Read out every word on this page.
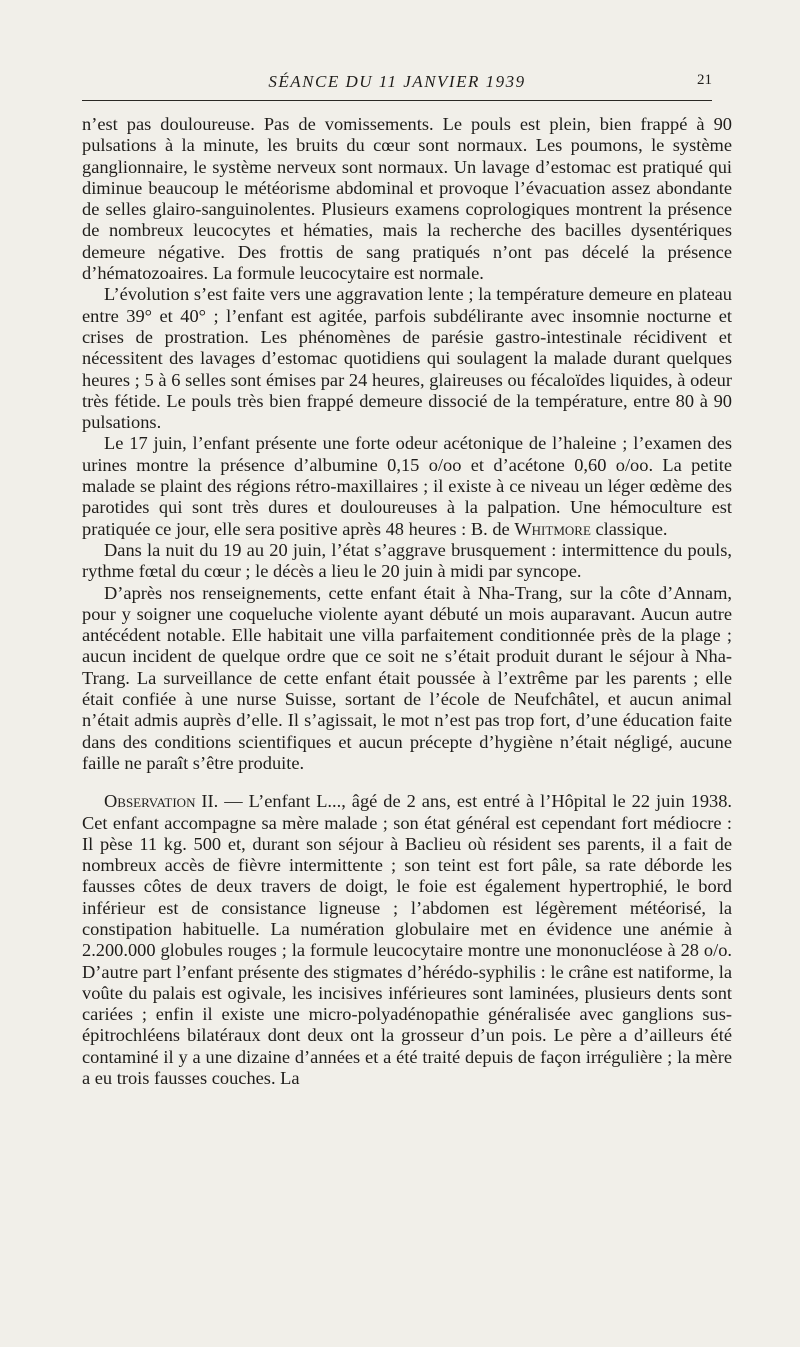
SÉANCE DU 11 JANVIER 1939	21

n’est pas douloureuse. Pas de vomissements. Le pouls est plein, bien frappé à 90 pulsations à la minute, les bruits du cœur sont normaux. Les poumons, le système ganglionnaire, le système nerveux sont normaux. Un lavage d’estomac est pratiqué qui diminue beaucoup le météorisme abdominal et provoque l’évacuation assez abondante de selles glairo-sanguinolentes. Plusieurs examens coprologiques montrent la présence de nombreux leucocytes et hématies, mais la recherche des bacilles dysentériques demeure négative. Des frottis de sang pratiqués n’ont pas décelé la présence d’hématozoaires. La formule leucocytaire est normale.

L’évolution s’est faite vers une aggravation lente ; la température demeure en plateau entre 39° et 40° ; l’enfant est agitée, parfois subdélirante avec insomnie nocturne et crises de prostration. Les phénomènes de parésie gastro-intestinale récidivent et nécessitent des lavages d’estomac quotidiens qui soulagent la malade durant quelques heures ; 5 à 6 selles sont émises par 24 heures, glaireuses ou fécaloïdes liquides, à odeur très fétide. Le pouls très bien frappé demeure dissocié de la température, entre 80 à 90 pulsations.

Le 17 juin, l’enfant présente une forte odeur acétonique de l’haleine ; l’examen des urines montre la présence d’albumine 0,15 o/oo et d’acétone 0,60 o/oo. La petite malade se plaint des régions rétro-maxillaires ; il existe à ce niveau un léger œdème des parotides qui sont très dures et douloureuses à la palpation. Une hémoculture est pratiquée ce jour, elle sera positive après 48 heures : B. de Whitmore classique.

Dans la nuit du 19 au 20 juin, l’état s’aggrave brusquement : intermittence du pouls, rythme fœtal du cœur ; le décès a lieu le 20 juin à midi par syncope.

D’après nos renseignements, cette enfant était à Nha-Trang, sur la côte d’Annam, pour y soigner une coqueluche violente ayant débuté un mois auparavant. Aucun autre antécédent notable. Elle habitait une villa parfaitement conditionnée près de la plage ; aucun incident de quelque ordre que ce soit ne s’était produit durant le séjour à Nha-Trang. La surveillance de cette enfant était poussée à l’extrême par les parents ; elle était confiée à une nurse Suisse, sortant de l’école de Neufchâtel, et aucun animal n’était admis auprès d’elle. Il s’agissait, le mot n’est pas trop fort, d’une éducation faite dans des conditions scientifiques et aucun précepte d’hygiène n’était négligé, aucune faille ne paraît s’être produite.

Observation II. — L’enfant L..., âgé de 2 ans, est entré à l’Hôpital le 22 juin 1938. Cet enfant accompagne sa mère malade ; son état général est cependant fort médiocre : Il pèse 11 kg. 500 et, durant son séjour à Baclieu où résident ses parents, il a fait de nombreux accès de fièvre intermittente ; son teint est fort pâle, sa rate déborde les fausses côtes de deux travers de doigt, le foie est également hypertrophié, le bord inférieur est de consistance ligneuse ; l’abdomen est légèrement météorisé, la constipation habituelle. La numération globulaire met en évidence une anémie à 2.200.000 globules rouges ; la formule leucocytaire montre une mononucléose à 28 o/o. D’autre part l’enfant présente des stigmates d’hérédo-syphilis : le crâne est natiforme, la voûte du palais est ogivale, les incisives inférieures sont laminées, plusieurs dents sont cariées ; enfin il existe une micro-polyadénopathie généralisée avec ganglions sus-épitrochléens bilatéraux dont deux ont la grosseur d’un pois. Le père a d’ailleurs été contaminé il y a une dizaine d’années et a été traité depuis de façon irrégulière ; la mère a eu trois fausses couches. La
